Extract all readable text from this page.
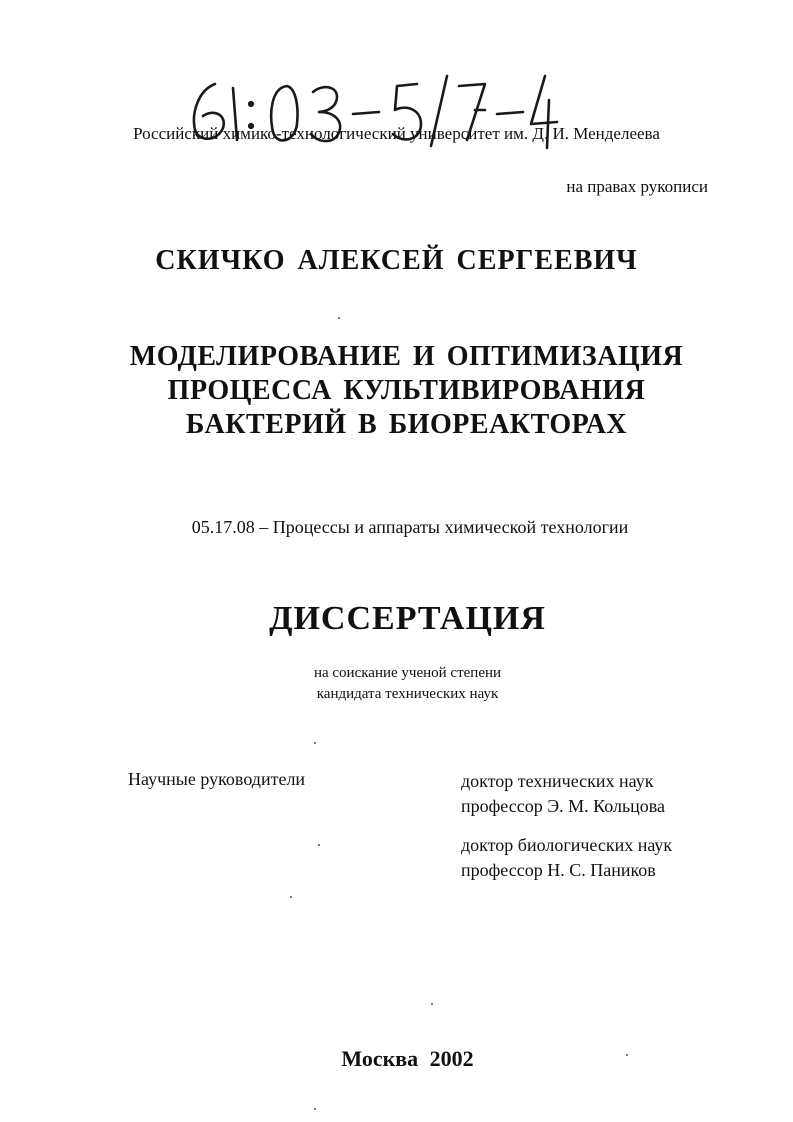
Российский химико-технологический университет им. Д. И. Менделеева

на правах рукописи

СКИЧКО АЛЕКСЕЙ СЕРГЕЕВИЧ

МОДЕЛИРОВАНИЕ И ОПТИМИЗАЦИЯ
ПРОЦЕССА КУЛЬТИВИРОВАНИЯ
БАКТЕРИЙ В БИОРЕАКТОРАХ

05.17.08 – Процессы и аппараты химической технологии

ДИССЕРТАЦИЯ

на соискание ученой степени
кандидата технических наук

Научные руководители	доктор технических наук
профессор Э. М. Кольцова
доктор биологических наук
профессор Н. С. Паников

Москва 2002
